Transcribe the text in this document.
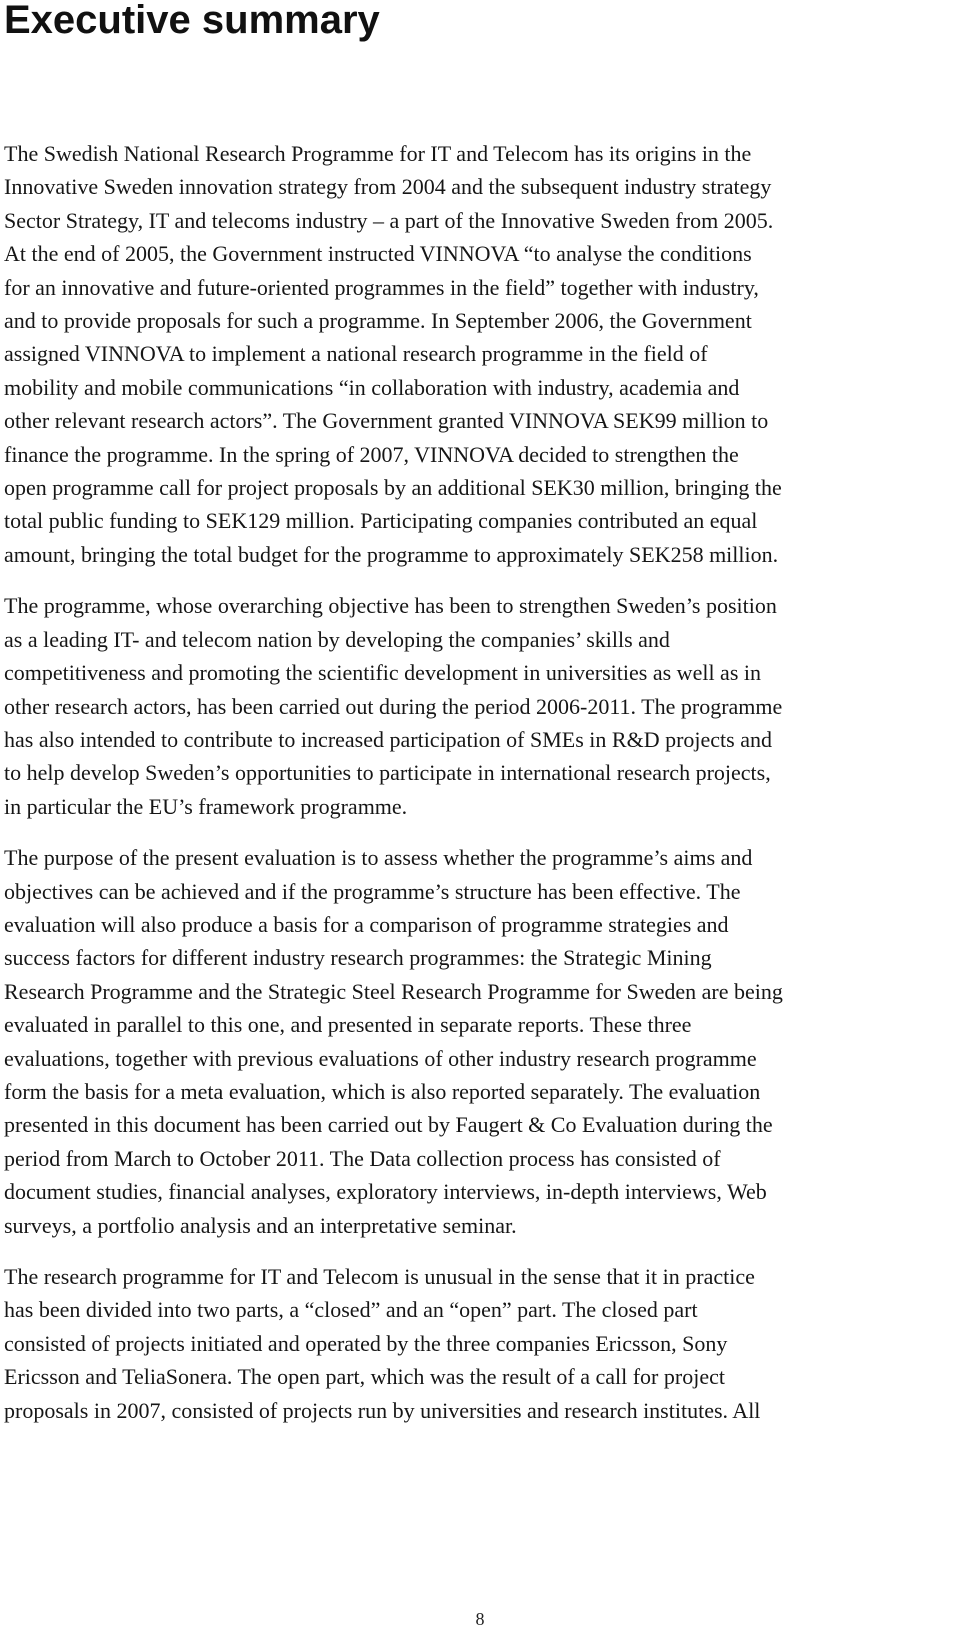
Executive summary

The Swedish National Research Programme for IT and Telecom has its origins in the
Innovative Sweden innovation strategy from 2004 and the subsequent industry strategy
Sector Strategy, IT and telecoms industry – a part of the Innovative Sweden from 2005.
At the end of 2005, the Government instructed VINNOVA “to analyse the conditions
for an innovative and future-oriented programmes in the field” together with industry,
and to provide proposals for such a programme. In September 2006, the Government
assigned VINNOVA to implement a national research programme in the field of
mobility and mobile communications “in collaboration with industry, academia and
other relevant research actors”. The Government granted VINNOVA SEK99 million to
finance the programme. In the spring of 2007, VINNOVA decided to strengthen the
open programme call for project proposals by an additional SEK30 million, bringing the
total public funding to SEK129 million. Participating companies contributed an equal
amount, bringing the total budget for the programme to approximately SEK258 million.

The programme, whose overarching objective has been to strengthen Sweden’s position
as a leading IT- and telecom nation by developing the companies’ skills and
competitiveness and promoting the scientific development in universities as well as in
other research actors, has been carried out during the period 2006-2011. The programme
has also intended to contribute to increased participation of SMEs in R&D projects and
to help develop Sweden’s opportunities to participate in international research projects,
in particular the EU’s framework programme.

The purpose of the present evaluation is to assess whether the programme’s aims and
objectives can be achieved and if the programme’s structure has been effective. The
evaluation will also produce a basis for a comparison of programme strategies and
success factors for different industry research programmes: the Strategic Mining
Research Programme and the Strategic Steel Research Programme for Sweden are being
evaluated in parallel to this one, and presented in separate reports. These three
evaluations, together with previous evaluations of other industry research programme
form the basis for a meta evaluation, which is also reported separately. The evaluation
presented in this document has been carried out by Faugert & Co Evaluation during the
period from March to October 2011. The Data collection process has consisted of
document studies, financial analyses, exploratory interviews, in-depth interviews, Web
surveys, a portfolio analysis and an interpretative seminar.

The research programme for IT and Telecom is unusual in the sense that it in practice
has been divided into two parts, a “closed” and an “open” part. The closed part
consisted of projects initiated and operated by the three companies Ericsson, Sony
Ericsson and TeliaSonera. The open part, which was the result of a call for project
proposals in 2007, consisted of projects run by universities and research institutes. All

8
